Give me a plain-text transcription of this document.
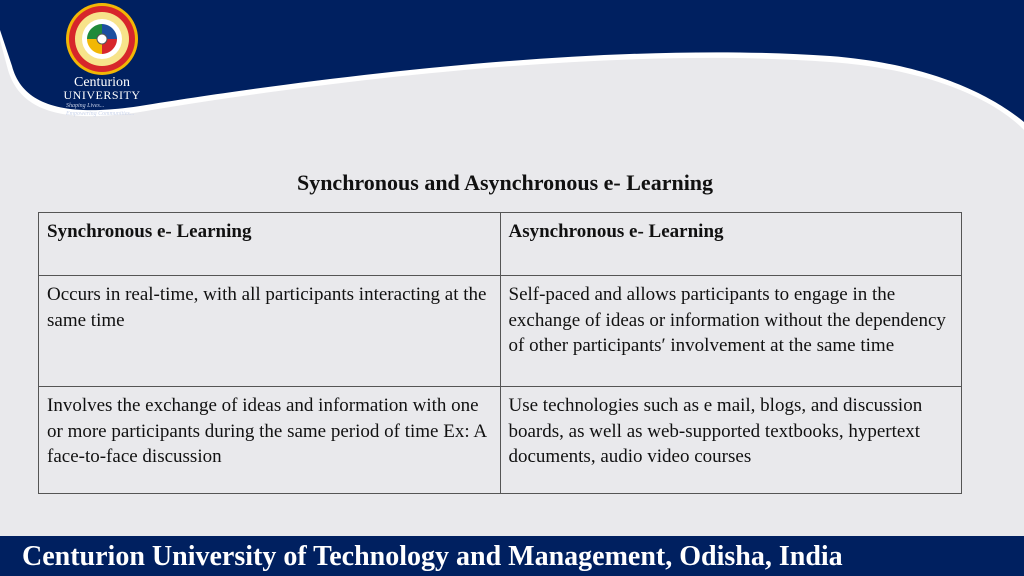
Centurion
UNIVERSITY
Shaping Lives...
Empowering Communities...
Synchronous and Asynchronous e- Learning
Synchronous e- Learning	Asynchronous e- Learning
Occurs in real-time, with all participants interacting at the same time	Self-paced and allows participants to engage in the exchange of ideas or information without the dependency of other participants′ involvement at the same time
Involves the exchange of ideas and information with one or more participants during the same period of time Ex: A face-to-face discussion	Use technologies such as e mail, blogs, and discussion boards, as well as web-supported textbooks, hypertext documents, audio video courses
Centurion University of Technology and Management, Odisha, India
